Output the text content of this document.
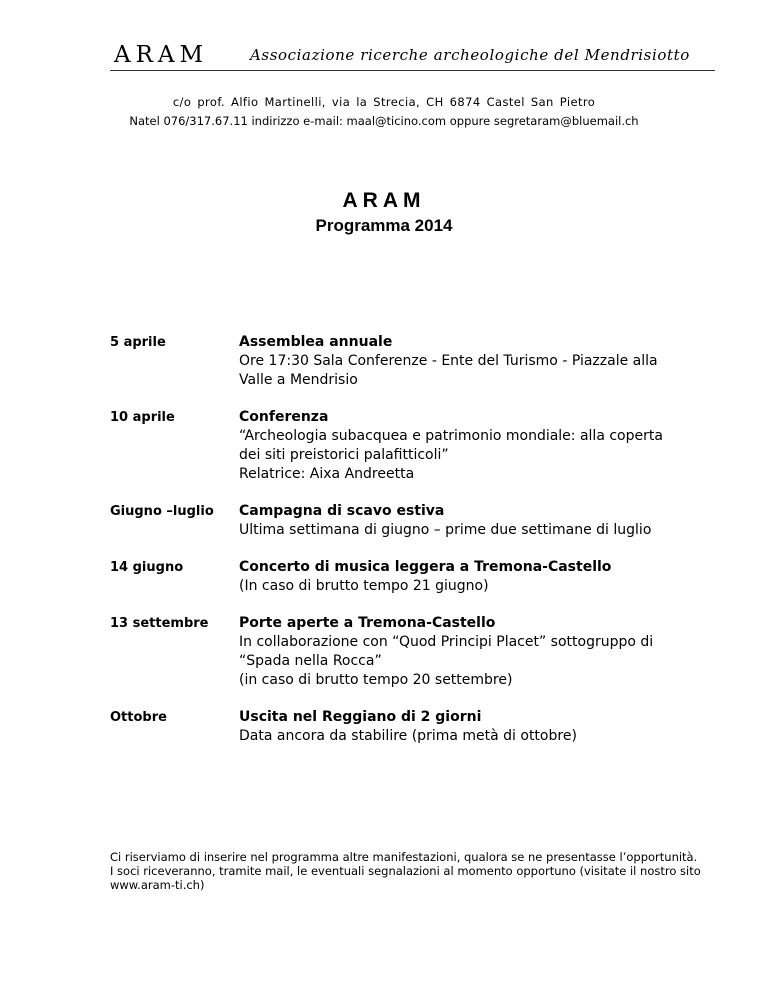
ARAM	Associazione ricerche archeologiche del Mendrisiotto
c/o prof. Alfio Martinelli, via la Strecia, CH 6874 Castel San Pietro
Natel 076/317.67.11 indirizzo e-mail: maal@ticino.com oppure segretaram@bluemail.ch
ARAM
Programma 2014
5 aprile	Assemblea annuale
Ore 17:30 Sala Conferenze - Ente del Turismo - Piazzale alla
Valle a Mendrisio
10 aprile	Conferenza
“Archeologia subacquea e patrimonio mondiale: alla coperta
dei siti preistorici palafitticoli”
Relatrice: Aixa Andreetta
Giugno –luglio	Campagna di scavo estiva
Ultima settimana di giugno – prime due settimane di luglio
14 giugno	Concerto di musica leggera a Tremona-Castello
(In caso di brutto tempo 21 giugno)
13 settembre	Porte aperte a Tremona-Castello
In collaborazione con “Quod Principi Placet” sottogruppo di
“Spada nella Rocca”
(in caso di brutto tempo 20 settembre)
Ottobre	Uscita nel Reggiano di 2 giorni
Data ancora da stabilire (prima metà di ottobre)

Ci riserviamo di inserire nel programma altre manifestazioni, qualora se ne presentasse l’opportunità.

I soci riceveranno, tramite mail, le eventuali segnalazioni al momento opportuno (visitate il nostro sito www.aram-ti.ch)
